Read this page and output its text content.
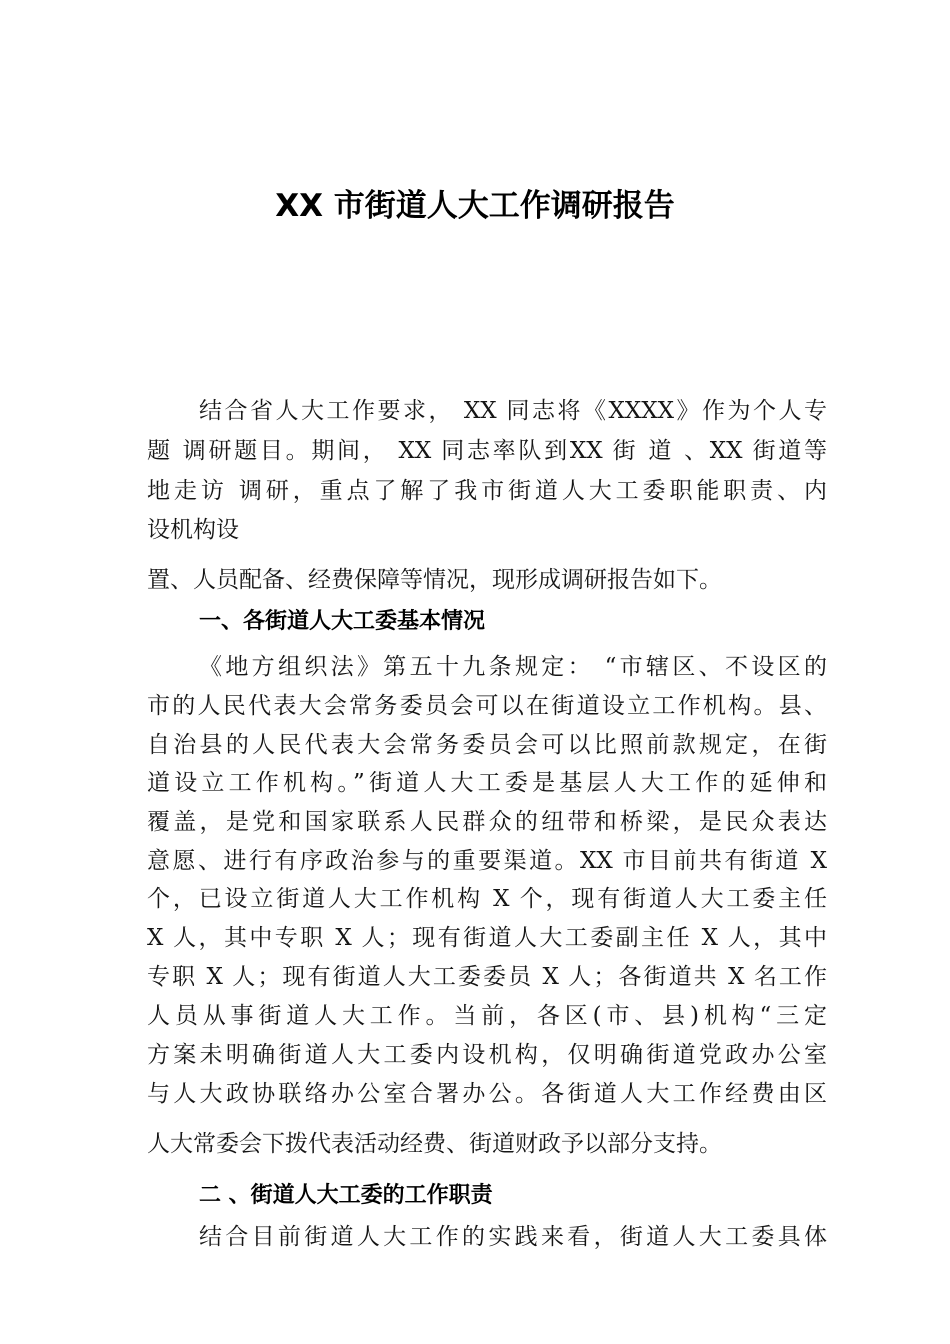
XX 市街道人大工作调研报告

结合省人大工作要求， XX 同志将《XXXX》作为个人专

题 调研题目。期间， XX 同志率队到XX 街 道 、XX 街道等

地走访 调研，重点了解了我市街道人大工委职能职责、内

设机构设

置、人员配备、经费保障等情况，现形成调研报告如下。

一、各街道人大工委基本情况

《地方组织法》第五十九条规定： “市辖区、不设区的

市的人民代表大会常务委员会可以在街道设立工作机构。县、

自治县的人民代表大会常务委员会可以比照前款规定，在街

道设立工作机构。”街道人大工委是基层人大工作的延伸和

覆盖，是党和国家联系人民群众的纽带和桥梁，是民众表达

意愿、进行有序政治参与的重要渠道。XX 市目前共有街道 X

个，已设立街道人大工作机构 X 个，现有街道人大工委主任

X 人，其中专职 X 人；现有街道人大工委副主任 X 人，其中

专职 X 人；现有街道人大工委委员 X 人；各街道共 X 名工作

人员从事街道人大工作。当前，各区(市、县)机构“三定

方案未明确街道人大工委内设机构，仅明确街道党政办公室

与人大政协联络办公室合署办公。各街道人大工作经费由区

人大常委会下拨代表活动经费、街道财政予以部分支持。

二 、街道人大工委的工作职责

结合目前街道人大工作的实践来看，街道人大工委具体
